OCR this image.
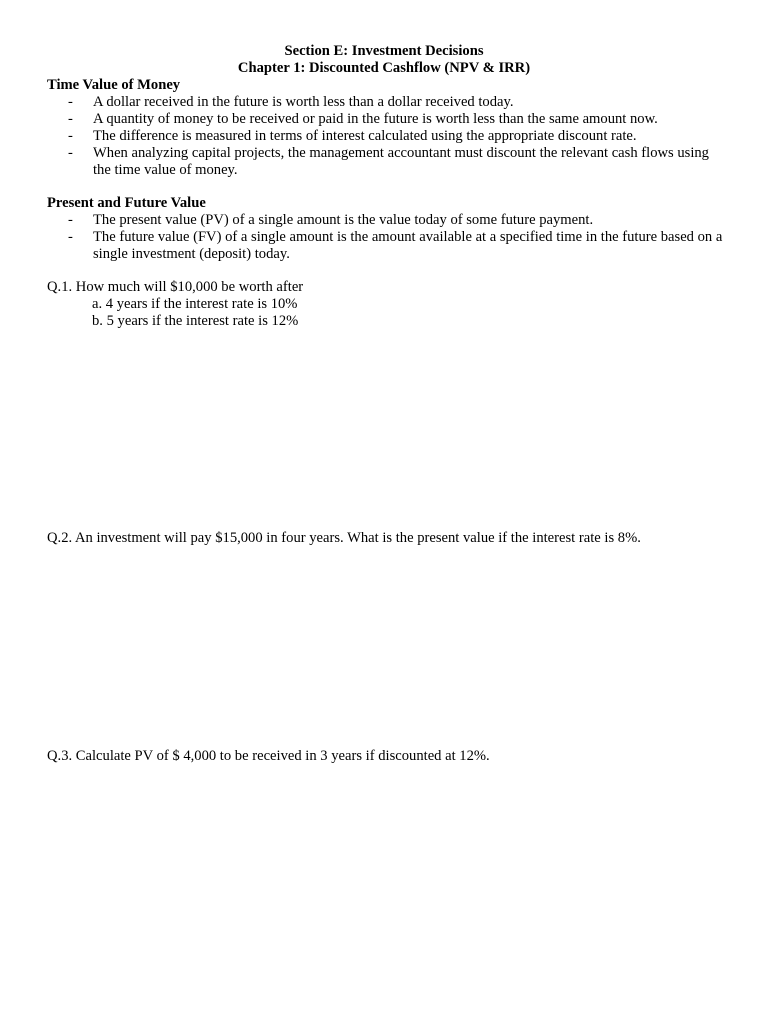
Section E: Investment Decisions
Chapter 1: Discounted Cashflow (NPV & IRR)
Time Value of Money
- A dollar received in the future is worth less than a dollar received today.
- A quantity of money to be received or paid in the future is worth less than the same amount now.
- The difference is measured in terms of interest calculated using the appropriate discount rate.
- When analyzing capital projects, the management accountant must discount the relevant cash flows using the time value of money.
Present and Future Value
- The present value (PV) of a single amount is the value today of some future payment.
- The future value (FV) of a single amount is the amount available at a specified time in the future based on a single investment (deposit) today.
Q.1. How much will $10,000 be worth after
a. 4 years if the interest rate is 10%
b. 5 years if the interest rate is 12%
Q.2. An investment will pay $15,000 in four years. What is the present value if the interest rate is 8%.
Q.3. Calculate PV of $ 4,000 to be received in 3 years if discounted at 12%.
